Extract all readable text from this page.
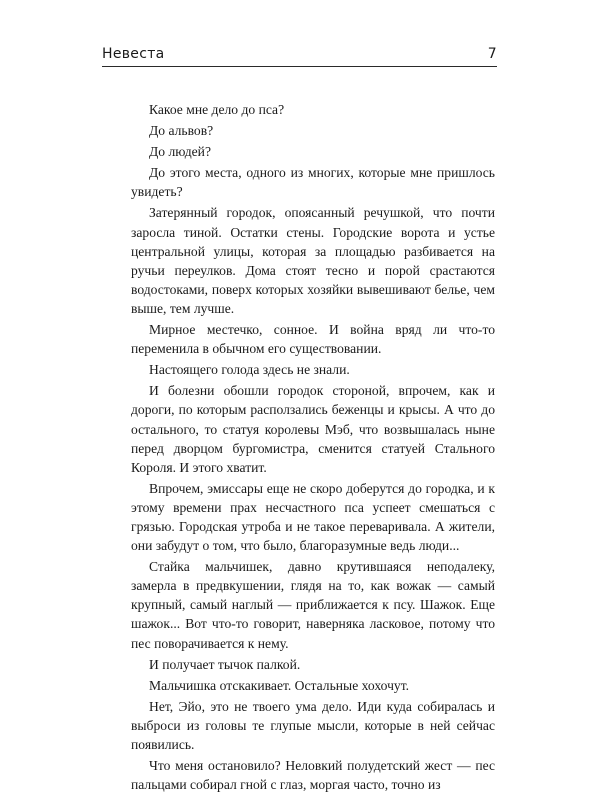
Невеста	7

Какое мне дело до пса?

До альвов?

До людей?

До этого места, одного из многих, которые мне пришлось увидеть?

Затерянный городок, опоясанный речушкой, что почти заросла тиной. Остатки стены. Городские ворота и устье центральной улицы, которая за площадью разбивается на ручьи переулков. Дома стоят тесно и порой срастаются водостоками, поверх которых хозяйки вывешивают белье, чем выше, тем лучше.

Мирное местечко, сонное. И война вряд ли что-то переменила в обычном его существовании.

Настоящего голода здесь не знали.

И болезни обошли городок стороной, впрочем, как и дороги, по которым расползались беженцы и крысы. А что до остального, то статуя королевы Мэб, что возвышалась ныне перед дворцом бургомистра, сменится статуей Стального Короля. И этого хватит.

Впрочем, эмиссары еще не скоро доберутся до городка, и к этому времени прах несчастного пса успеет смешаться с грязью. Городская утроба и не такое переваривала. А жители, они забудут о том, что было, благоразумные ведь люди...

Стайка мальчишек, давно крутившаяся неподалеку, замерла в предвкушении, глядя на то, как вожак — самый крупный, самый наглый — приближается к псу. Шажок. Еще шажок... Вот что-то говорит, наверняка ласковое, потому что пес поворачивается к нему.

И получает тычок палкой.

Мальчишка отскакивает. Остальные хохочут.

Нет, Эйо, это не твоего ума дело. Иди куда собиралась и выброси из головы те глупые мысли, которые в ней сейчас появились.

Что меня остановило? Неловкий полудетский жест — пес пальцами собирал гной с глаз, моргая часто, точно из
